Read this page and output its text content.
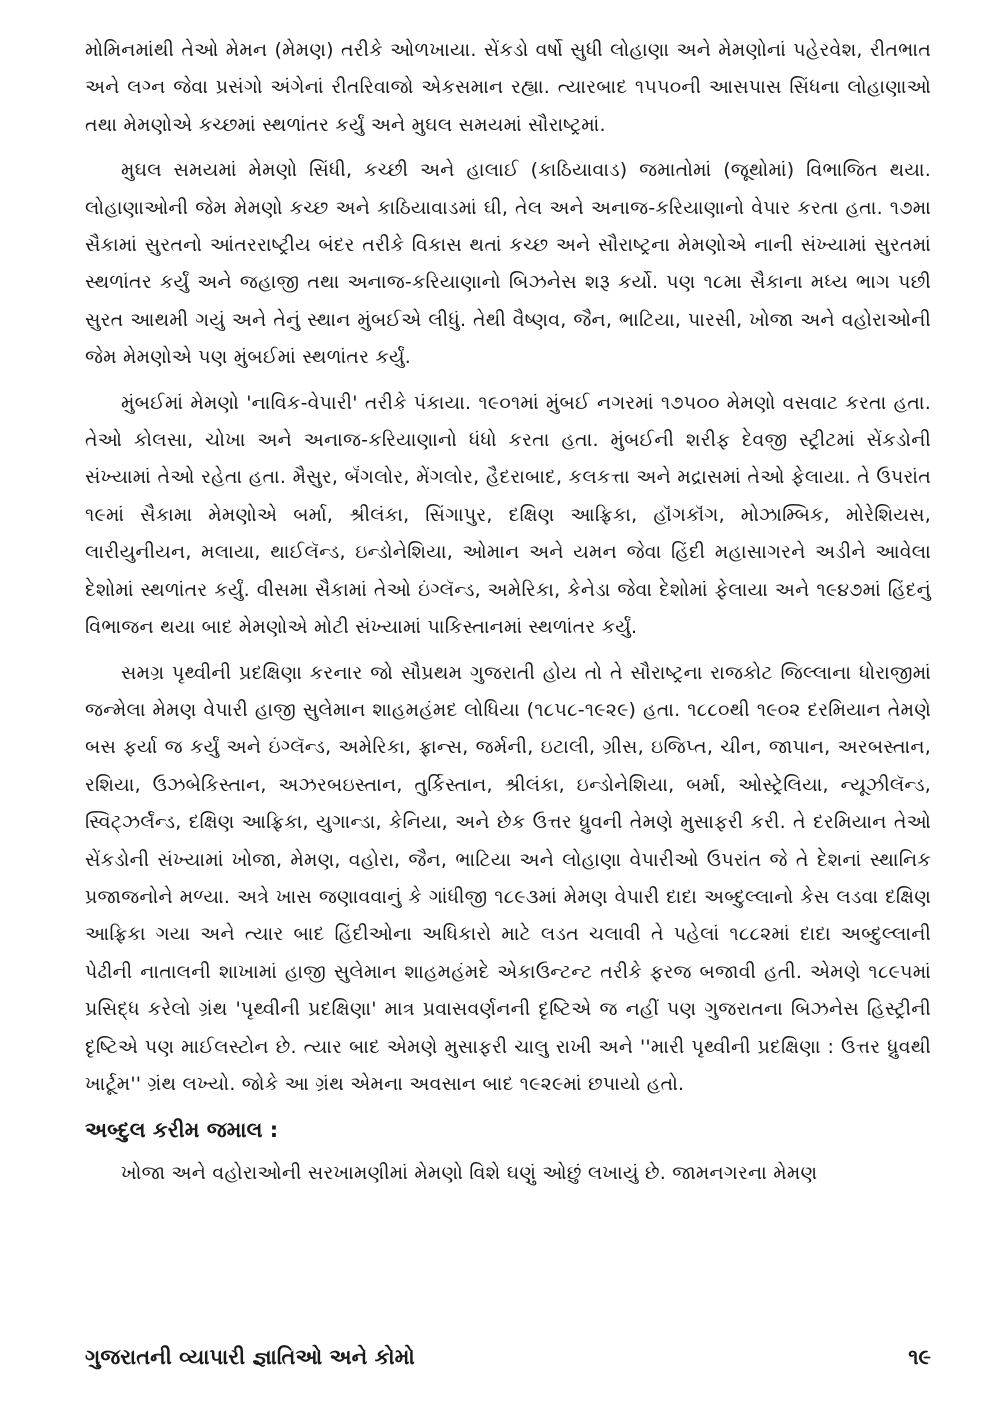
મોમિનમાંથી તેઓ મેમન (મેમણ) તરીકે ઓળખાયા. સેંકડો વર્ષો સુધી લોહાણા અને મેમણોનાં પહેરવેશ, રીતભાત અને લગ્ન જેવા પ્રસંગો અંગેનાં રીતરિવાજો એકસમાન રહ્યા. ત્યારબાદ ૧૫૫૦ની આસપાસ સિંધના લોહાણાઓ તથા મેમણોએ કચ્છમાં સ્થળાંતર કર્યું અને મુઘલ સમયમાં સૌરાષ્ટ્રમાં.

મુઘલ સમયમાં મેમણો સિંધી, કચ્છી અને હાલાઈ (કાઠિયાવાડ) જમાતોમાં (જૂથોમાં) વિભાજિત થયા. લોહાણાઓની જેમ મેમણો કચ્છ અને કાઠિયાવાડમાં ઘી, તેલ અને અનાજ-કરિયાણાનો વેપાર કરતા હતા. ૧૭મા સૈકામાં સુરતનો આંતરરાષ્ટ્રીય બંદર તરીકે વિકાસ થતાં કચ્છ અને સૌરાષ્ટ્રના મેમણોએ નાની સંખ્યામાં સુરતમાં સ્થળાંતર કર્યું અને જહાજી તથા અનાજ-કરિયાણાનો બિઝનેસ શરૂ કર્યો. પણ ૧૮મા સૈકાના મધ્ય ભાગ પછી સુરત આથમી ગયું અને તેનું સ્થાન મુંબઈએ લીધું. તેથી વૈષ્ણવ, જૈન, ભાટિયા, પારસી, ખોજા અને વહોરાઓની જેમ મેમણોએ પણ મુંબઈમાં સ્થળાંતર કર્યું.

મુંબઈમાં મેમણો 'નાવિક-વેપારી' તરીકે પંકાયા. ૧૯૦૧માં મુંબઈ નગરમાં ૧૭૫૦૦ મેમણો વસવાટ કરતા હતા. તેઓ કોલસા, ચોખા અને અનાજ-કરિયાણાનો ધંધો કરતા હતા. મુંબઈની શરીફ દેવજી સ્ટ્રીટમાં સેંકડોની સંખ્યામાં તેઓ રહેતા હતા. મૈસુર, બૅંગલોર, મેંગલોર, હૈદરાબાદ, કલકત્તા અને મદ્રાસમાં તેઓ ફેલાયા. તે ઉપરાંત ૧૯માં સૈકામા મેમણોએ બર્મા, શ્રીલંકા, સિંગાપુર, દક્ષિણ આફ્રિકા, હૉંગકૉંગ, મોઝામ્બિક, મોરેશિયસ, લારીયુનીયન, મલાયા, થાઈલૅન્ડ, ઇન્ડોનેશિયા, ઓમાન અને યમન જેવા હિંદી મહાસાગરને અડીને આવેલા દેશોમાં સ્થળાંતર કર્યું. વીસમા સૈકામાં તેઓ ઇંગ્લૅન્ડ, અમેરિકા, કેનેડા જેવા દેશોમાં ફેલાયા અને ૧૯૪૭માં હિંદનું વિભાજન થયા બાદ મેમણોએ મોટી સંખ્યામાં પાકિસ્તાનમાં સ્થળાંતર કર્યું.

સમગ્ર પૃથ્વીની પ્રદક્ષિણા કરનાર જો સૌપ્રથમ ગુજરાતી હોય તો તે સૌરાષ્ટ્રના રાજકોટ જિલ્લાના ધોરાજીમાં જન્મેલા મેમણ વેપારી હાજી સુલેમાન શાહમહંમદ લોધિયા (૧૮૫૮-૧૯૨૯) હતા. ૧૮૮૦થી ૧૯૦૨ દરમિયાન તેમણે બસ ફર્યા જ કર્યું અને ઇંગ્લૅન્ડ, અમેરિકા, ફ્રાન્સ, જર્મની, ઇટાલી, ગ્રીસ, ઇજિપ્ત, ચીન, જાપાન, અરબસ્તાન, રશિયા, ઉઝબેકિસ્તાન, અઝરબઇસ્તાન, તુર્કિસ્તાન, શ્રીલંકા, ઇન્ડોનેશિયા, બર્મા, ઓસ્ટ્રેલિયા, ન્યૂઝીલૅન્ડ, સ્વિટ્ઝર્લૅન્ડ, દક્ષિણ આફ્રિકા, યુગાન્ડા, કેનિયા, અને છેક ઉત્તર ધ્રુવની તેમણે મુસાફરી કરી. તે દરમિયાન તેઓ સેંકડોની સંખ્યામાં ખોજા, મેમણ, વહોરા, જૈન, ભાટિયા અને લોહાણા વેપારીઓ ઉપરાંત જે તે દેશનાં સ્થાનિક પ્રજાજનોને મળ્યા. અત્રે ખાસ જણાવવાનું કે ગાંધીજી ૧૮૯૩માં મેમણ વેપારી દાદા અબ્દુલ્લાનો કેસ લડવા દક્ષિણ આફ્રિકા ગયા અને ત્યાર બાદ હિંદીઓના અધિકારો માટે લડત ચલાવી તે પહેલાં ૧૮૮૨માં દાદા અબ્દુલ્લાની પેઢીની નાતાલની શાખામાં હાજી સુલેમાન શાહમહંમદે એકાઉન્ટન્ટ તરીકે ફરજ બજાવી હતી. એમણે ૧૮૯૫માં પ્રસિદ્ધ કરેલો ગ્રંથ 'પૃથ્વીની પ્રદક્ષિણા' માત્ર પ્રવાસવર્ણનની દૃષ્ટિએ જ નહીં પણ ગુજરાતના બિઝનેસ હિસ્ટ્રીની દૃષ્ટિએ પણ માઈલસ્ટોન છે. ત્યાર બાદ એમણે મુસાફરી ચાલુ રાખી અને ''મારી પૃથ્વીની પ્રદક્ષિણા : ઉત્તર ધ્રુવથી ખાર્ટૂમ'' ગ્રંથ લખ્યો. જોકે આ ગ્રંથ એમના અવસાન બાદ ૧૯૨૯માં છપાયો હતો.

અબ્દુલ કરીમ જમાલ :

ખોજા અને વહોરાઓની સરખામણીમાં મેમણો વિશે ઘણું ઓછું લખાયું છે. જામનગરના મેમણ

ગુજરાતની વ્યાપારી જ્ઞાતિઓ અને કોમો	૧૯
